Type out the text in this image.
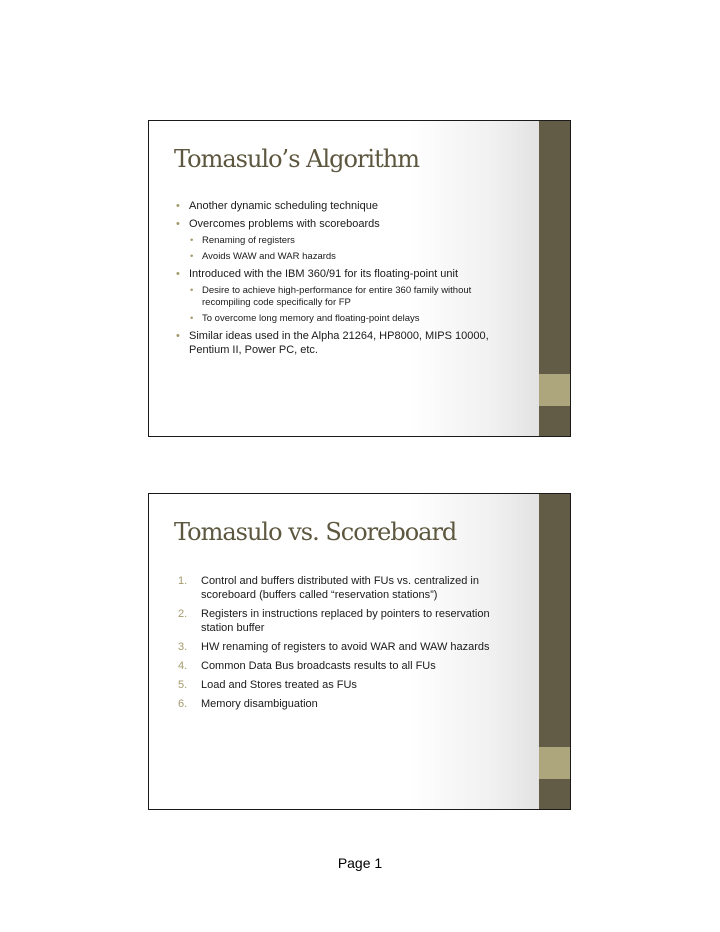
Tomasulo’s Algorithm
• Another dynamic scheduling technique
• Overcomes problems with scoreboards
• Renaming of registers
• Avoids WAW and WAR hazards
• Introduced with the IBM 360/91 for its floating-point unit
• Desire to achieve high-performance for entire 360 family without recompiling code specifically for FP
• To overcome long memory and floating-point delays
• Similar ideas used in the Alpha 21264, HP8000, MIPS 10000, Pentium II, Power PC, etc.
Tomasulo vs. Scoreboard
1. Control and buffers distributed with FUs vs. centralized in scoreboard (buffers called “reservation stations”)
2. Registers in instructions replaced by pointers to reservation station buffer
3. HW renaming of registers to avoid WAR and WAW hazards
4. Common Data Bus broadcasts results to all FUs
5. Load and Stores treated as FUs
6. Memory disambiguation
Page 1
